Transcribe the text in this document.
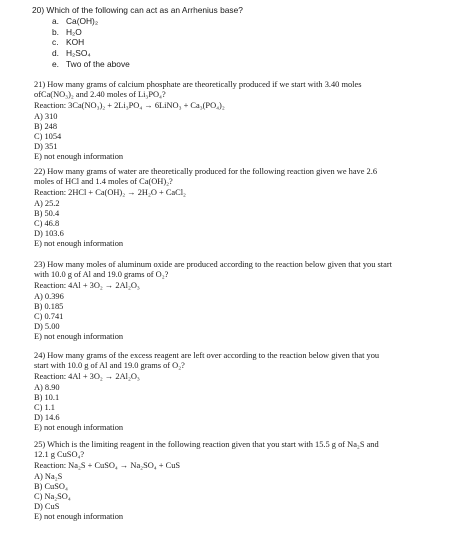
20) Which of the following can act as an Arrhenius base?

a. Ca(OH)₂
b. H₂O
c. KOH
d. H₂SO₄
e. Two of the above

21) How many grams of calcium phosphate are theoretically produced if we start with 3.40 moles

ofCa(NO₃)₂ and 2.40 moles of Li₃PO₄?

Reaction: 3Ca(NO₃)₂ + 2Li₃PO₄ → 6LiNO₃ + Ca₃(PO₄)₂

A) 310
B) 248
C) 1054
D) 351
E) not enough information

22) How many grams of water are theoretically produced for the following reaction given we have 2.6

moles of HCl and 1.4 moles of Ca(OH)₂?

Reaction: 2HCl + Ca(OH)₂ → 2H₂O + CaCl₂

A) 25.2
B) 50.4
C) 46.8
D) 103.6
E) not enough information

23) How many moles of aluminum oxide are produced according to the reaction below given that you start

with 10.0 g of Al and 19.0 grams of O₂?

Reaction: 4Al + 3O₂ → 2Al₂O₃

A) 0.396
B) 0.185
C) 0.741
D) 5.00
E) not enough information

24) How many grams of the excess reagent are left over according to the reaction below given that you

start with 10.0 g of Al and 19.0 grams of O₂?

Reaction: 4Al + 3O₂ → 2Al₂O₃

A) 8.90
B) 10.1
C) 1.1
D) 14.6
E) not enough information

25) Which is the limiting reagent in the following reaction given that you start with 15.5 g of Na₂S and

12.1 g CuSO₄?

Reaction: Na₂S + CuSO₄ → Na₂SO₄ + CuS

A) Na₂S
B) CuSO₄
C) Na₂SO₄
D) CuS
E) not enough information
